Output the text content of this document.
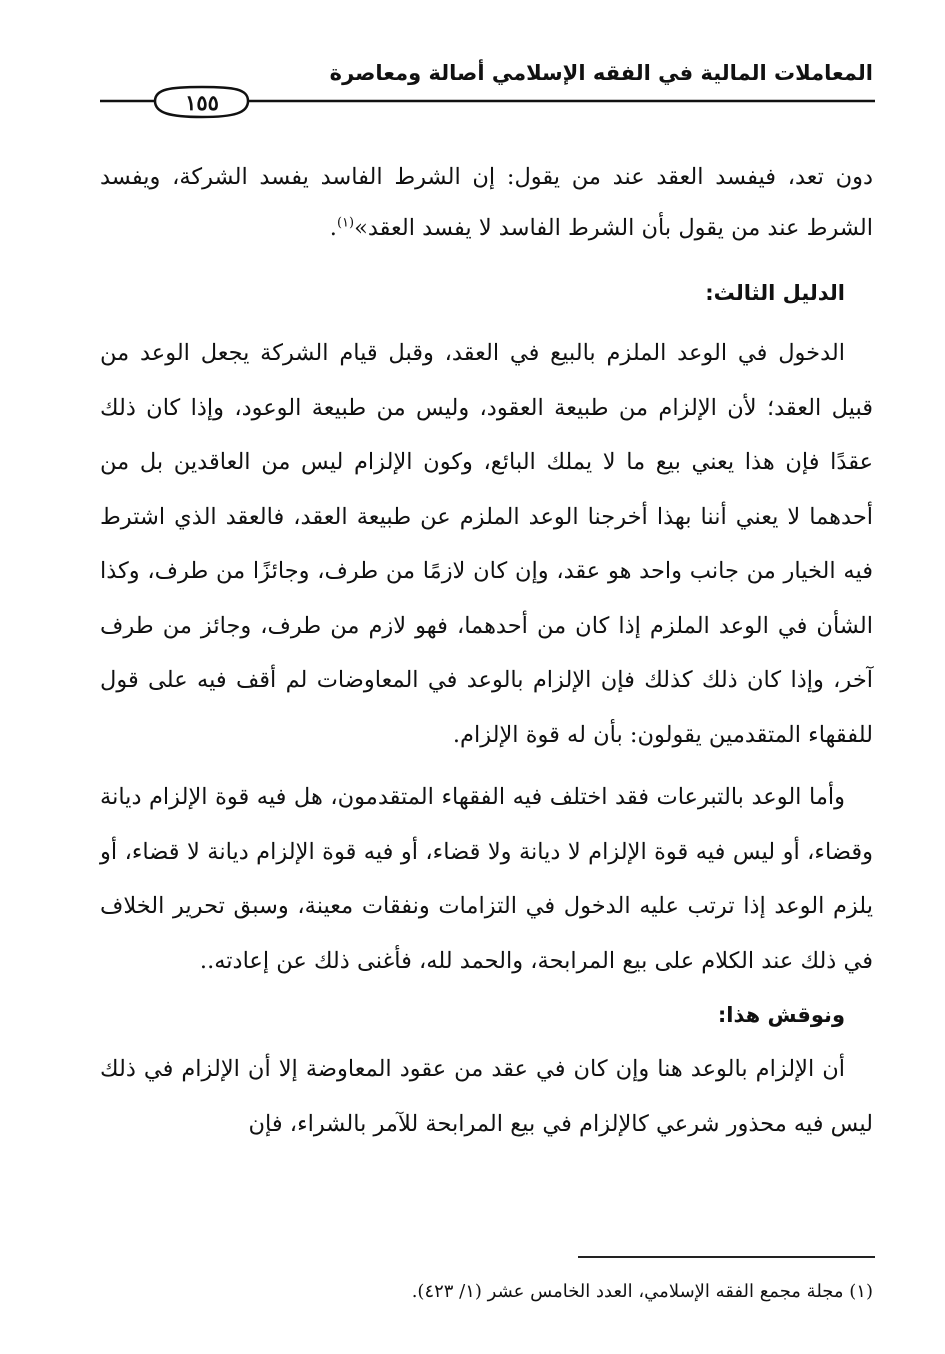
المعاملات المالية في الفقه الإسلامي أصالة ومعاصرة
١٥٥

دون تعد، فيفسد العقد عند من يقول: إن الشرط الفاسد يفسد الشركة، ويفسد الشرط عند من يقول بأن الشرط الفاسد لا يفسد العقد»$^{(١)}$.

الدليل الثالث:

الدخول في الوعد الملزم بالبيع في العقد، وقبل قيام الشركة يجعل الوعد من قبيل العقد؛ لأن الإلزام من طبيعة العقود، وليس من طبيعة الوعود، وإذا كان ذلك عقدًا فإن هذا يعني بيع ما لا يملك البائع، وكون الإلزام ليس من العاقدين بل من أحدهما لا يعني أننا بهذا أخرجنا الوعد الملزم عن طبيعة العقد، فالعقد الذي اشترط فيه الخيار من جانب واحد هو عقد، وإن كان لازمًا من طرف، وجائزًا من طرف، وكذا الشأن في الوعد الملزم إذا كان من أحدهما، فهو لازم من طرف، وجائز من طرف آخر، وإذا كان ذلك كذلك فإن الإلزام بالوعد في المعاوضات لم أقف فيه على قول للفقهاء المتقدمين يقولون: بأن له قوة الإلزام.

وأما الوعد بالتبرعات فقد اختلف فيه الفقهاء المتقدمون، هل فيه قوة الإلزام ديانة وقضاء، أو ليس فيه قوة الإلزام لا ديانة ولا قضاء، أو فيه قوة الإلزام ديانة لا قضاء، أو يلزم الوعد إذا ترتب عليه الدخول في التزامات ونفقات معينة، وسبق تحرير الخلاف في ذلك عند الكلام على بيع المرابحة، والحمد لله، فأغنى ذلك عن إعادته..

ونوقش هذا:

أن الإلزام بالوعد هنا وإن كان في عقد من عقود المعاوضة إلا أن الإلزام في ذلك ليس فيه محذور شرعي كالإلزام في بيع المرابحة للآمر بالشراء، فإن

(١) مجلة مجمع الفقه الإسلامي، العدد الخامس عشر (١/ ٤٢٣).
